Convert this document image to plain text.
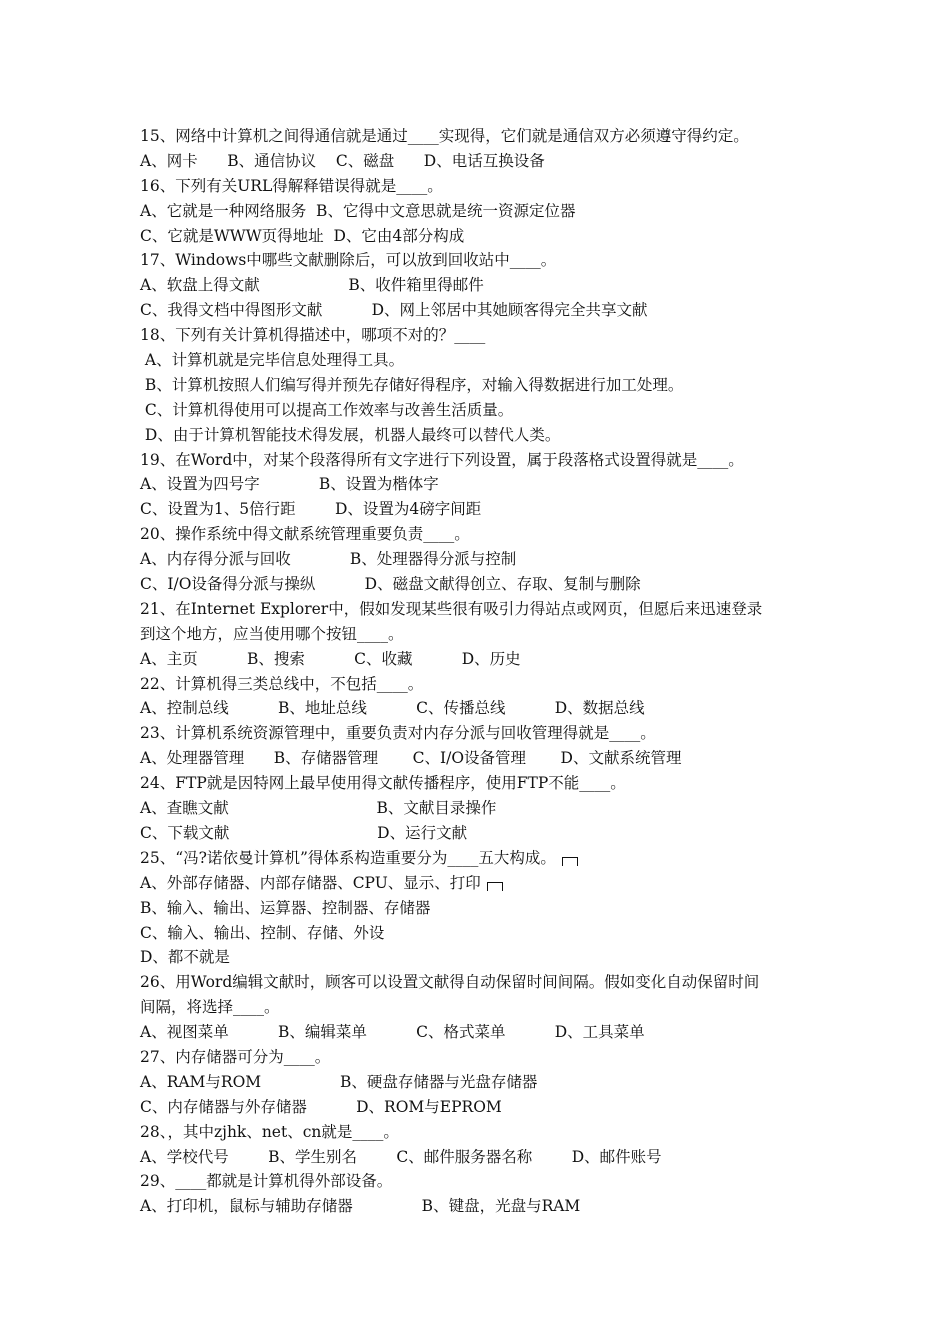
15、网络中计算机之间得通信就是通过____实现得，它们就是通信双方必须遵守得约定。
A、网卡      B、通信协议    C、磁盘      D、电话互换设备
16、下列有关URL得解释错误得就是____。
A、它就是一种网络服务  B、它得中文意思就是统一资源定位器
C、它就是WWW页得地址  D、它由4部分构成
17、Windows中哪些文献删除后，可以放到回收站中____。
A、软盘上得文献                  B、收件箱里得邮件
C、我得文档中得图形文献          D、网上邻居中其她顾客得完全共享文献
18、下列有关计算机得描述中，哪项不对的？____
A、计算机就是完毕信息处理得工具。
B、计算机按照人们编写得并预先存储好得程序，对输入得数据进行加工处理。
C、计算机得使用可以提高工作效率与改善生活质量。
D、由于计算机智能技术得发展，机器人最终可以替代人类。
19、在Word中，对某个段落得所有文字进行下列设置，属于段落格式设置得就是____。
A、设置为四号字            B、设置为楷体字
C、设置为1、5倍行距        D、设置为4磅字间距
20、操作系统中得文献系统管理重要负责____。
A、内存得分派与回收            B、处理器得分派与控制
C、I/O设备得分派与操纵          D、磁盘文献得创立、存取、复制与删除
21、在Internet Explorer中，假如发现某些很有吸引力得站点或网页，但愿后来迅速登录
到这个地方，应当使用哪个按钮____。
A、主页          B、搜索          C、收藏          D、历史
22、计算机得三类总线中，不包括____。
A、控制总线          B、地址总线          C、传播总线          D、数据总线
23、计算机系统资源管理中，重要负责对内存分派与回收管理得就是____。
A、处理器管理      B、存储器管理       C、I/O设备管理       D、文献系统管理
24、FTP就是因特网上最早使用得文献传播程序，使用FTP不能____。
A、查瞧文献                              B、文献目录操作
C、下载文献                              D、运行文献
25、“冯?诺依曼计算机”得体系构造重要分为____五大构成。
A、外部存储器、内部存储器、CPU、显示、打印
B、输入、输出、运算器、控制器、存储器
C、输入、输出、控制、存储、外设
D、都不就是
26、用Word编辑文献时，顾客可以设置文献得自动保留时间间隔。假如变化自动保留时间
间隔，将选择____。
A、视图菜单          B、编辑菜单          C、格式菜单          D、工具菜单
27、内存储器可分为____。
A、RAM与ROM                B、硬盘存储器与光盘存储器
C、内存储器与外存储器          D、ROM与EPROM
28、，其中zjhk、net、cn就是____。
A、学校代号        B、学生别名        C、邮件服务器名称        D、邮件账号
29、____都就是计算机得外部设备。
A、打印机，鼠标与辅助存储器              B、键盘，光盘与RAM
